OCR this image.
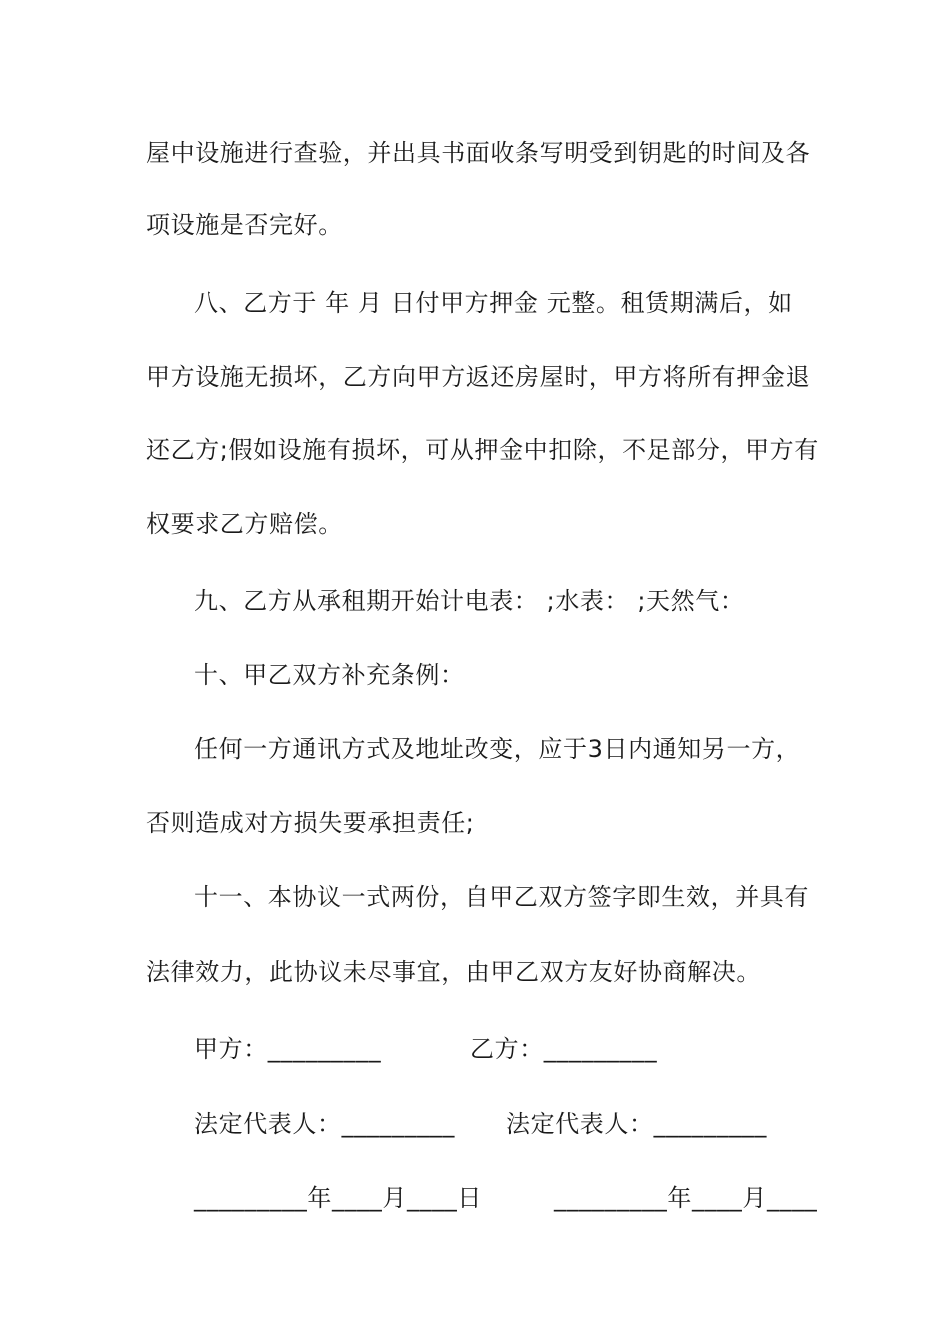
屋中设施进行查验，并出具书面收条写明受到钥匙的时间及各
项设施是否完好。
八、乙方于 年 月 日付甲方押金 元整。租赁期满后，如
甲方设施无损坏，乙方向甲方返还房屋时，甲方将所有押金退
还乙方;假如设施有损坏，可从押金中扣除，不足部分，甲方有
权要求乙方赔偿。
九、乙方从承租期开始计电表： ;水表： ;天然气：
十、甲乙双方补充条例：
任何一方通讯方式及地址改变，应于3日内通知另一方，
否则造成对方损失要承担责任;
十一、本协议一式两份，自甲乙双方签字即生效，并具有
法律效力，此协议未尽事宜，由甲乙双方友好协商解决。
甲方：_________	乙方：_________
法定代表人：_________ 法定代表人：_________
_________年____月____日	_________年____月____
